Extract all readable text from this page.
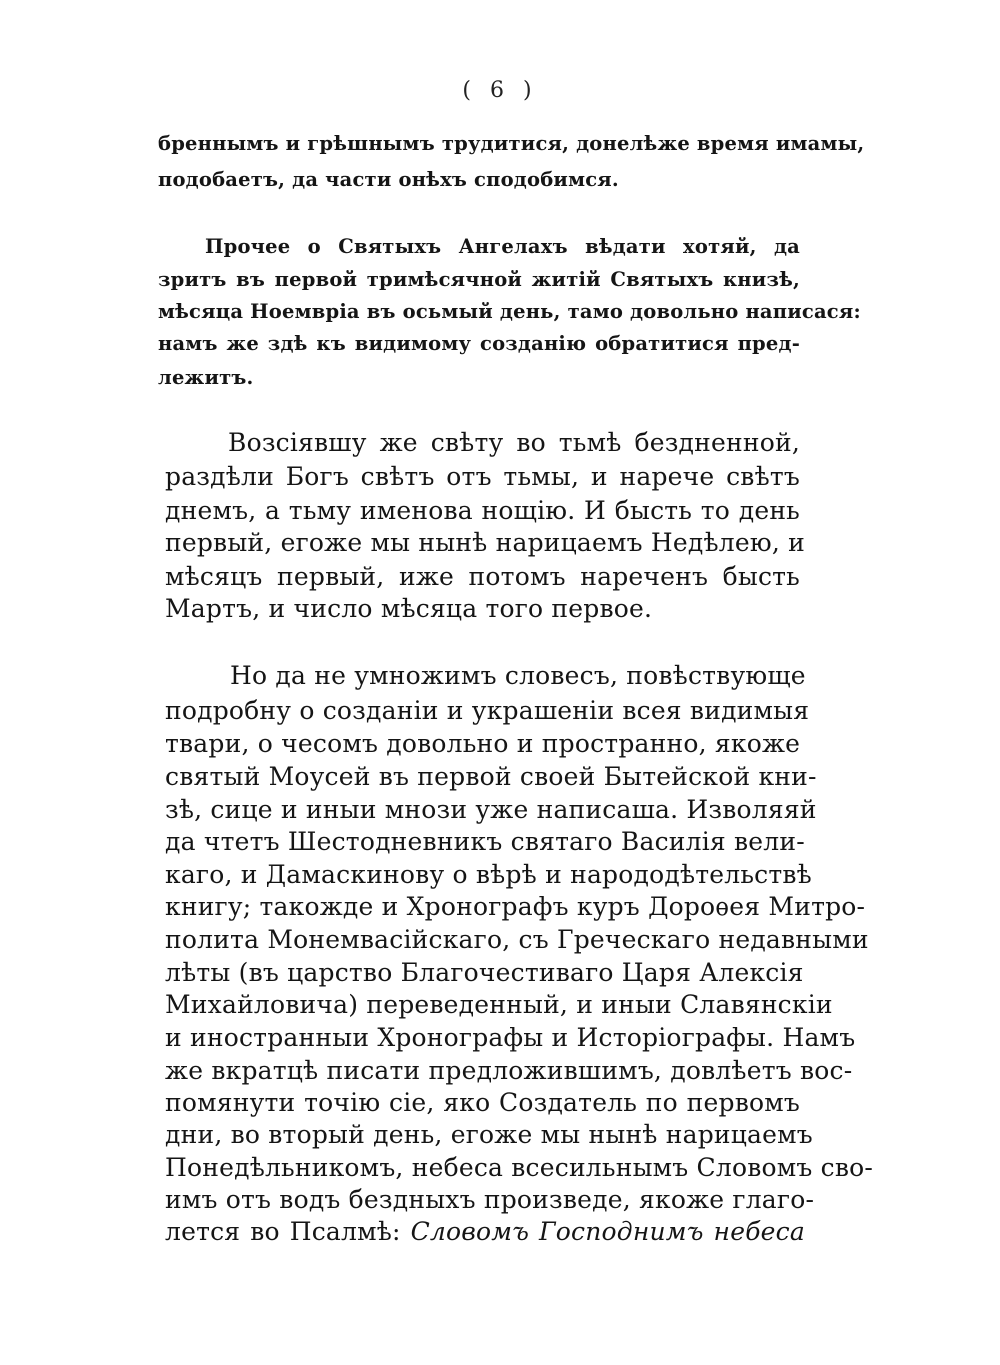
( 6 )
бреннымъ и грѣшнымъ трудитися, донелѣже время имамы,
подобаетъ, да части онѣхъ сподобимся.
Прочее о Святыхъ Ангелахъ вѣдати хотяй, да
зритъ въ первой тримѣсячной житій Святыхъ книзѣ,
мѣсяца Ноемвріа въ осьмый день, тамо довольно написася:
намъ же здѣ къ видимому созданію обратитися пред-
лежитъ.
Возсіявшу же свѣту во тьмѣ бездненной,
раздѣли Богъ свѣтъ отъ тьмы, и нарече свѣтъ
днемъ, а тьму именова нощію. И бысть то день
первый, егоже мы нынѣ нарицаемъ Недѣлею, и
мѣсяцъ первый, иже потомъ нареченъ бысть
Мартъ, и число мѣсяца того первое.
Но да не умножимъ словесъ, повѣствующе
подробну о созданіи и украшеніи всея видимыя
твари, о чесомъ довольно и пространно, якоже
святый Моусей въ первой своей Бытейской кни-
зѣ, сице и иныи мнози уже написаша. Изволяяй
да чтетъ Шестодневникъ святаго Василія вели-
каго, и Дамаскинову о вѣрѣ и народодѣтельствѣ
книгу; такожде и Хронографъ куръ Дороѳея Митро-
полита Монемвасійскаго, съ Греческаго недавными
лѣты (въ царство Благочестиваго Царя Алексія
Михайловича) переведенный, и иныи Славянскіи
и иностранныи Хронографы и Исторіографы. Намъ
же вкратцѣ писати предложившимъ, довлѣетъ вос-
помянути точію сіе, яко Создатель по первомъ
дни, во вторый день, егоже мы нынѣ нарицаемъ
Понедѣльникомъ, небеса всесильнымъ Словомъ сво-
имъ отъ водъ бездныхъ произведе, якоже глаго-
лется во Псалмѣ: Словомъ Господнимъ небеса
